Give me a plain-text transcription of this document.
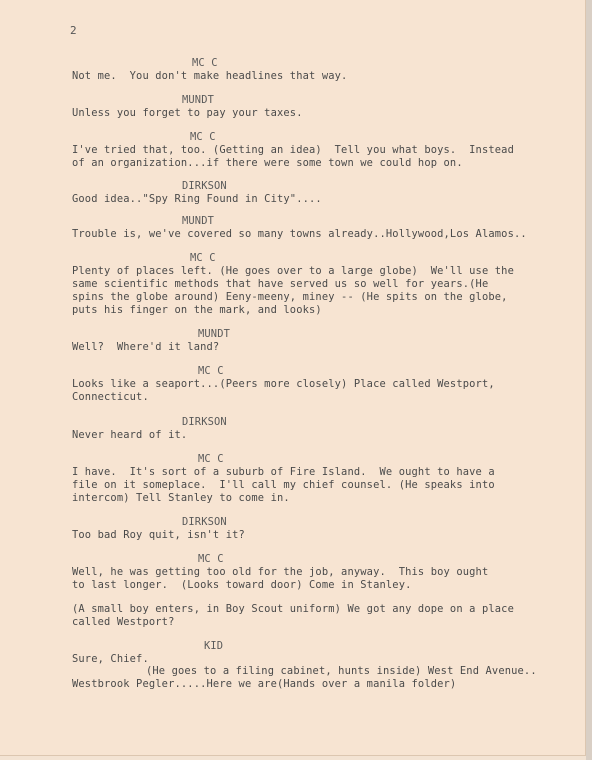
2
MC C
Not me.  You don't make headlines that way.
MUNDT
Unless you forget to pay your taxes.
MC C
I've tried that, too. (Getting an idea)  Tell you what boys.  Instead
of an organization...if there were some town we could hop on.
DIRKSON
Good idea.."Spy Ring Found in City"....
MUNDT
Trouble is, we've covered so many towns already..Hollywood,Los Alamos..
MC C
Plenty of places left. (He goes over to a large globe)  We'll use the
same scientific methods that have served us so well for years.(He
spins the globe around) Eeny-meeny, miney -- (He spits on the globe,
puts his finger on the mark, and looks)
MUNDT
Well?  Where'd it land?
MC C
Looks like a seaport...(Peers more closely) Place called Westport,
Connecticut.
DIRKSON
Never heard of it.
MC C
I have.  It's sort of a suburb of Fire Island.  We ought to have a
file on it someplace.  I'll call my chief counsel. (He speaks into
intercom) Tell Stanley to come in.
DIRKSON
Too bad Roy quit, isn't it?
MC C
Well, he was getting too old for the job, anyway.  This boy ought
to last longer.  (Looks toward door) Come in Stanley.
(A small boy enters, in Boy Scout uniform) We got any dope on a place
called Westport?
KID
Sure, Chief.
(He goes to a filing cabinet, hunts inside) West End Avenue..
Westbrook Pegler.....Here we are(Hands over a manila folder)
